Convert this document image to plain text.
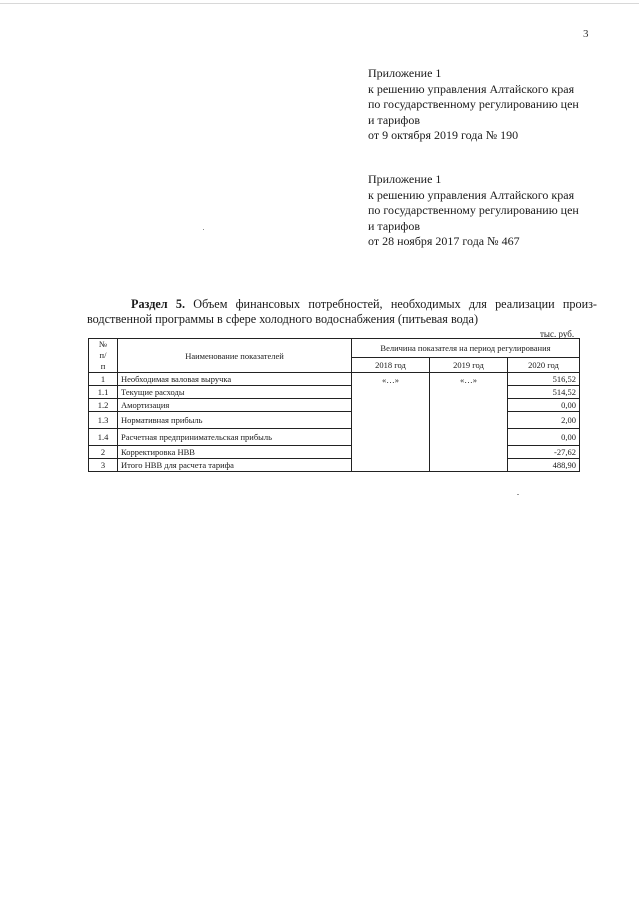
3
Приложение 1
к решению управления Алтайского края
по государственному регулированию цен
и тарифов
от 9 октября 2019 года № 190
Приложение 1
к решению управления Алтайского края
по государственному регулированию цен
и тарифов
от 28 ноября 2017 года № 467
Раздел 5. Объем финансовых потребностей, необходимых для реализации произ-
водственной программы в сфере холодного водоснабжения (питьевая вода)
тыс. руб.
№
п/
п	Наименование показателей	Величина показателя на период регулирования		
		2018 год	2019 год	2020 год
1	Необходимая валовая выручка	«…»	«…»	516,52
1.1	Текущие расходы			514,52
1.2	Амортизация			0,00
1.3	Нормативная прибыль			2,00
1.4	Расчетная предпринимательская прибыль			0,00
2	Корректировка НВВ			-27,62
3	Итого НВВ для расчета тарифа			488,90
